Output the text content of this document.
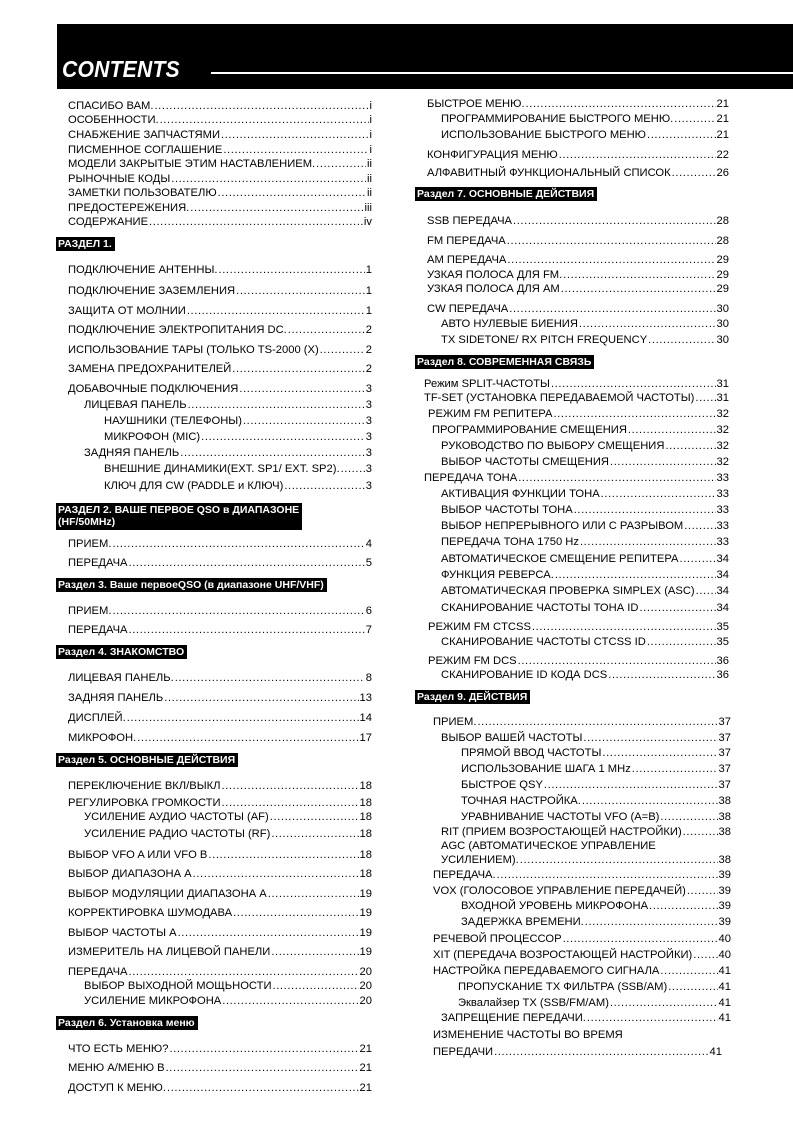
CONTENTS
СПАСИБО ВАМ. .....	i
ОСОБЕННОСТИ. .....	i
СНАБЖЕНИЕ ЗАПЧАСТЯМИ .....	i
ПИСМЕННОЕ СОГЛАШЕНИЕ .....	i
МОДЕЛИ ЗАКРЫТЫЕ ЭТИМ НАСТАВЛЕНИЕМ. .....	ii
РЫНОЧНЫЕ КОДЫ .....	ii
ЗАМЕТКИ ПОЛЬЗОВАТЕЛЮ .....	ii
ПРЕДОСТЕРЕЖЕНИЯ. .....	iii
СОДЕРЖАНИЕ .....	iv
РАЗДЕЛ 1.
ПОДКЛЮЧЕНИЕ АНТЕННЫ. .....	1
ПОДКЛЮЧЕНИЕ ЗАЗЕМЛЕНИЯ .....	1
ЗАЩИТА ОТ МОЛНИИ .....	1
ПОДКЛЮЧЕНИЕ ЭЛЕКТРОПИТАНИЯ DC. .....	2
ИСПОЛЬЗОВАНИЕ ТАРЫ (ТОЛЬКО TS-2000 (X) .....	2
ЗАМЕНА ПРЕДОХРАНИТЕЛЕЙ .....	2
ДОБАВОЧНЫЕ ПОДКЛЮЧЕНИЯ .....	3
ЛИЦЕВАЯ ПАНЕЛЬ .....	3
НАУШНИКИ (ТЕЛЕФОНЫ) .....	3
МИКРОФОН (MIC) .....	3
ЗАДНЯЯ ПАНЕЛЬ .....	3
ВНЕШНИЕ ДИНАМИКИ(EXT. SP1/ EXT. SP2). ..... 3
КЛЮЧ ДЛЯ CW (PADDLE и КЛЮЧ) .....	3
РАЗДЕЛ 2. ВАШЕ ПЕРВОЕ QSO в ДИАПАЗОНЕ
(HF/50MHz)
ПРИЕМ. .....	4
ПЕРЕДАЧА .....	5
Раздел 3. Ваше первоеQSO (в диапазоне UHF/VHF)
ПРИЕМ. .....	6
ПЕРЕДАЧА .....	7
Раздел 4. ЗНАКОМСТВО
ЛИЦЕВАЯ ПАНЕЛЬ. .....	8
ЗАДНЯЯ ПАНЕЛЬ .....	13
ДИСПЛЕЙ. .....	14
МИКРОФОН. .....	17
Раздел 5. ОСНОВНЫЕ ДЕЙСТВИЯ
ПЕРЕКЛЮЧЕНИЕ ВКЛ/ВЫКЛ .....	18
РЕГУЛИРОВКА ГРОМКОСТИ .....	18
УСИЛЕНИЕ АУДИО ЧАСТОТЫ (AF) .....	18
УСИЛЕНИЕ РАДИО ЧАСТОТЫ (RF) .....	18
ВЫБОР VFO A ИЛИ VFO B .....	18
ВЫБОР ДИАПАЗОНА А .....	18
ВЫБОР МОДУЛЯЦИИ ДИАПАЗОНА А .....	19
КОРРЕКТИРОВКА ШУМОДАВА .....	19
ВЫБОР ЧАСТОТЫ А .....	19
ИЗМЕРИТЕЛЬ НА ЛИЦЕВОЙ ПАНЕЛИ .....	19
ПЕРЕДАЧА .....	20
ВЫБОР ВЫХОДНОЙ МОЩЬНОСТИ .....	20
УСИЛЕНИЕ МИКРОФОНА .....	20
Раздел 6. Установка меню
ЧТО ЕСТЬ МЕНЮ? .....	21
МЕНЮ А/МЕНЮ В .....	21
ДОСТУП К МЕНЮ. .....	21
БЫСТРОЕ МЕНЮ. .....	21
ПРОГРАММИРОВАНИЕ БЫСТРОГО МЕНЮ. .....	21
ИСПОЛЬЗОВАНИЕ БЫСТРОГО МЕНЮ .....	21
КОНФИГУРАЦИЯ МЕНЮ .....	22
АЛФАВИТНЫЙ ФУНКЦИОНАЛЬНЫЙ СПИСОК .....	26
Раздел 7. ОСНОВНЫЕ ДЕЙСТВИЯ
SSB ПЕРЕДАЧА .....	28
FM ПЕРЕДАЧА .....	28
AM ПЕРЕДАЧА .....	29
УЗКАЯ ПОЛОСА ДЛЯ FM. .....	29
УЗКАЯ ПОЛОСА ДЛЯ AM .....	29
CW ПЕРЕДАЧА .....	30
АВТО НУЛЕВЫЕ БИЕНИЯ .....	30
TX SIDETONE/ RX PITCH FREQUENCY .....	30
Раздел 8. СОВРЕМЕННАЯ СВЯЗЬ
Режим SPLIT-ЧАСТОТЫ .....	31
TF-SET (УСТАНОВКА ПЕРЕДАВАЕМОЙ ЧАСТОТЫ) ..... 31
РЕЖИМ FM РЕПИТЕРА .....	32
ПРОГРАММИРОВАНИЕ СМЕЩЕНИЯ .....	32
РУКОВОДСТВО ПО ВЫБОРУ СМЕЩЕНИЯ .....	32
ВЫБОР ЧАСТОТЫ СМЕЩЕНИЯ .....	32
ПЕРЕДАЧА ТОНА .....	33
АКТИВАЦИЯ ФУНКЦИИ ТОНА .....	33
ВЫБОР ЧАСТОТЫ ТОНА .....	33
ВЫБОР НЕПРЕРЫВНОГО ИЛИ С РАЗРЫВОМ .....	33
ПЕРЕДАЧА ТОНА 1750 Hz .....	33
АВТОМАТИЧЕСКОЕ СМЕЩЕНИЕ РЕПИТЕРА .....	34
ФУНКЦИЯ РЕВЕРСА. .....	34
АВТОМАТИЧЕСКАЯ ПРОВЕРКА SIMPLEX (ASC) ..... 34
СКАНИРОВАНИЕ ЧАСТОТЫ ТОНА ID .....	34
РЕЖИМ FM CTCSS .....	35
СКАНИРОВАНИЕ ЧАСТОТЫ CTCSS ID .....	35
РЕЖИМ FM DCS .....	36
СКАНИРОВАНИЕ ID КОДА DCS .....	36
Раздел 9. ДЕЙСТВИЯ
ПРИЕМ. .....	37
ВЫБОР ВАШЕЙ ЧАСТОТЫ .....	37
ПРЯМОЙ ВВОД ЧАСТОТЫ .....	37
ИСПОЛЬЗОВАНИЕ ШАГА 1 MHz .....	37
БЫСТРОЕ QSY .....	37
ТОЧНАЯ НАСТРОЙКА. .....	38
УРАВНИВАНИЕ ЧАСТОТЫ VFO (A=B) .....	38
RIT (ПРИЕМ ВОЗРОСТАЮЩЕЙ НАСТРОЙКИ) .....	38
AGC (АВТОМАТИЧЕСКОЕ УПРАВЛЕНИЕ
УСИЛЕНИЕМ). .....	38
ПЕРЕДАЧА. .....	39
VOX (ГОЛОСОВОЕ УПРАВЛЕНИЕ ПЕРЕДАЧЕЙ) .....	39
ВХОДНОЙ УРОВЕНЬ МИКРОФОНА .....	39
ЗАДЕРЖКА ВРЕМЕНИ. .....	39
РЕЧЕВОЙ ПРОЦЕССОР .....	40
XIT (ПЕРЕДАЧА ВОЗРОСТАЮЩЕЙ НАСТРОЙКИ) ..... 40
НАСТРОЙКА ПЕРЕДАВАЕМОГО СИГНАЛА .....	41
ПРОПУСКАНИЕ TX ФИЛЬТРА (SSB/AM) .....	41
Эквалайзер TX (SSB/FM/AM) .....	41
ЗАПРЕЩЕНИЕ ПЕРЕДАЧИ. .....	41
ИЗМЕНЕНИЕ ЧАСТОТЫ ВО ВРЕМЯ
ПЕРЕДАЧИ .....	41
